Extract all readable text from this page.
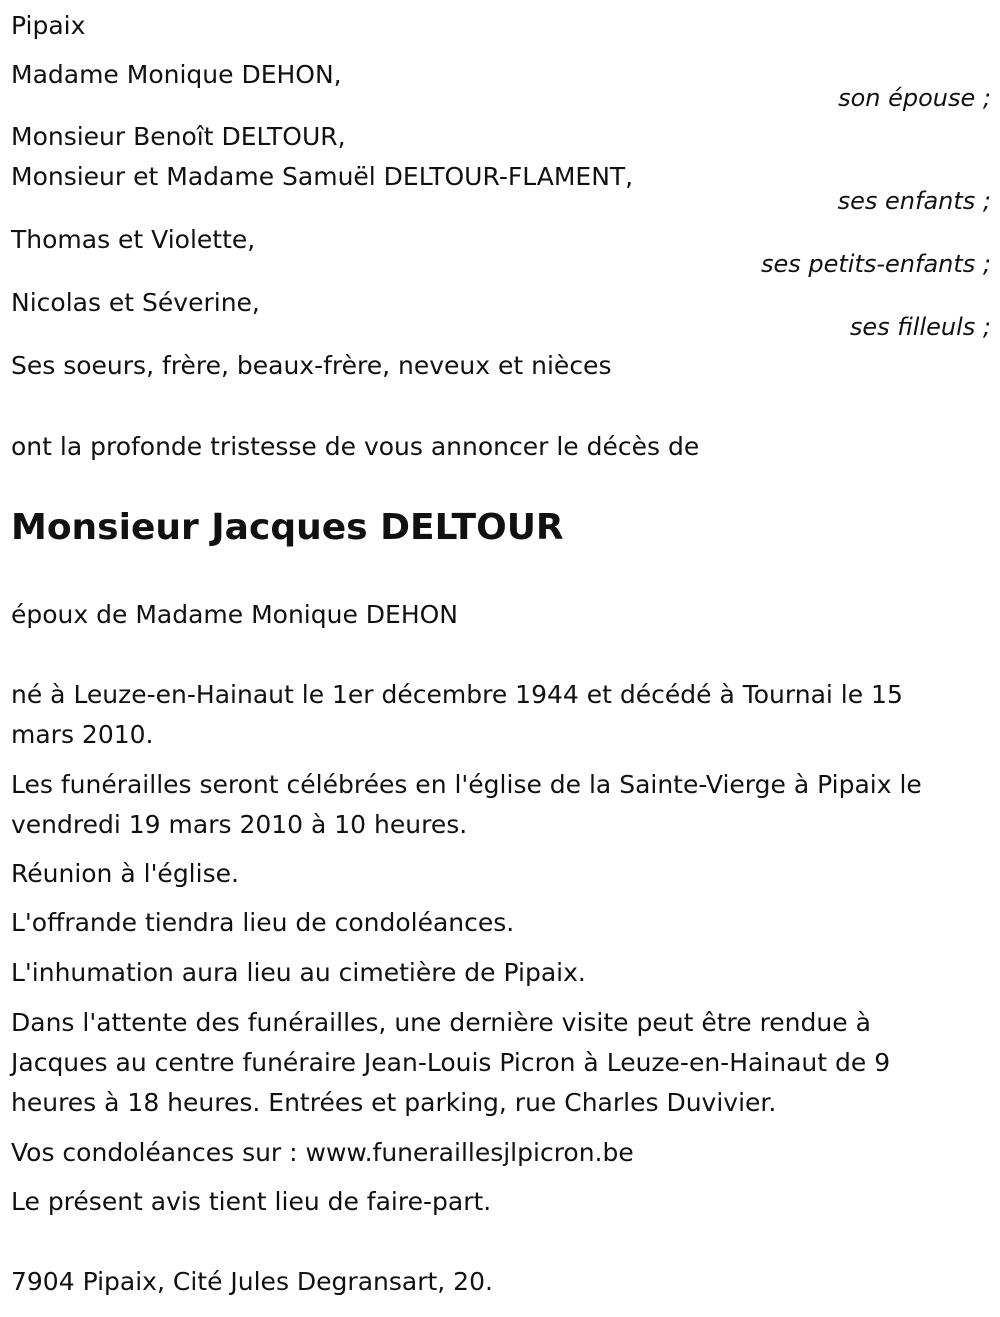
Pipaix
Madame Monique DEHON,
son épouse ;
Monsieur Benoît DELTOUR,
Monsieur et Madame Samuël DELTOUR-FLAMENT,
ses enfants ;
Thomas et Violette,
ses petits-enfants ;
Nicolas et Séverine,
ses filleuls ;
Ses soeurs, frère, beaux-frère, neveux et nièces
ont la profonde tristesse de vous annoncer le décès de
Monsieur Jacques DELTOUR
époux de Madame Monique DEHON
né à Leuze-en-Hainaut le 1er décembre 1944 et décédé à Tournai le 15
mars 2010.
Les funérailles seront célébrées en l'église de la Sainte-Vierge à Pipaix le
vendredi 19 mars 2010 à 10 heures.
Réunion à l'église.
L'offrande tiendra lieu de condoléances.
L'inhumation aura lieu au cimetière de Pipaix.
Dans l'attente des funérailles, une dernière visite peut être rendue à
Jacques au centre funéraire Jean-Louis Picron à Leuze-en-Hainaut de 9
heures à 18 heures. Entrées et parking, rue Charles Duvivier.
Vos condoléances sur : www.funeraillesjlpicron.be
Le présent avis tient lieu de faire-part.
7904 Pipaix, Cité Jules Degransart, 20.
